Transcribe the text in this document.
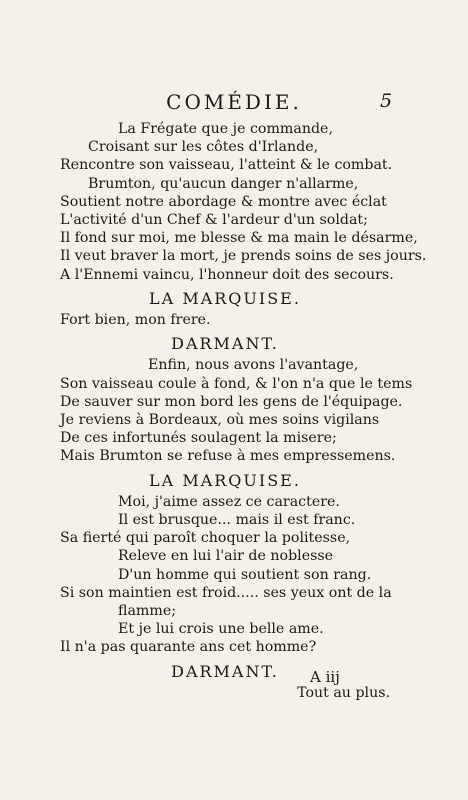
COMÉDIE.	5
La Frégate que je commande,
Croisant sur les côtes d'Irlande,
Rencontre son vaisseau, l'atteint & le combat.
Brumton, qu'aucun danger n'allarme,
Soutient notre abordage & montre avec éclat
L'activité d'un Chef & l'ardeur d'un soldat;
Il fond sur moi, me blesse & ma main le désarme,
Il veut braver la mort, je prends soins de ses jours.
A l'Ennemi vaincu, l'honneur doit des secours.
LA MARQUISE.
Fort bien, mon frere.
DARMANT.
Enfin, nous avons l'avantage,
Son vaisseau coule à fond, & l'on n'a que le tems
De sauver sur mon bord les gens de l'équipage.
Je reviens à Bordeaux, où mes soins vigilans
De ces infortunés soulagent la misere;
Mais Brumton se refuse à mes empressemens.
LA MARQUISE.
Moi, j'aime assez ce caractere.
Il est brusque... mais il est franc.
Sa fierté qui paroît choquer la politesse,
Releve en lui l'air de noblesse
D'un homme qui soutient son rang.
Si son maintien est froid..... ses yeux ont de la
flamme;
Et je lui crois une belle ame.
Il n'a pas quarante ans cet homme?
DARMANT.
Tout au plus.
A iij
